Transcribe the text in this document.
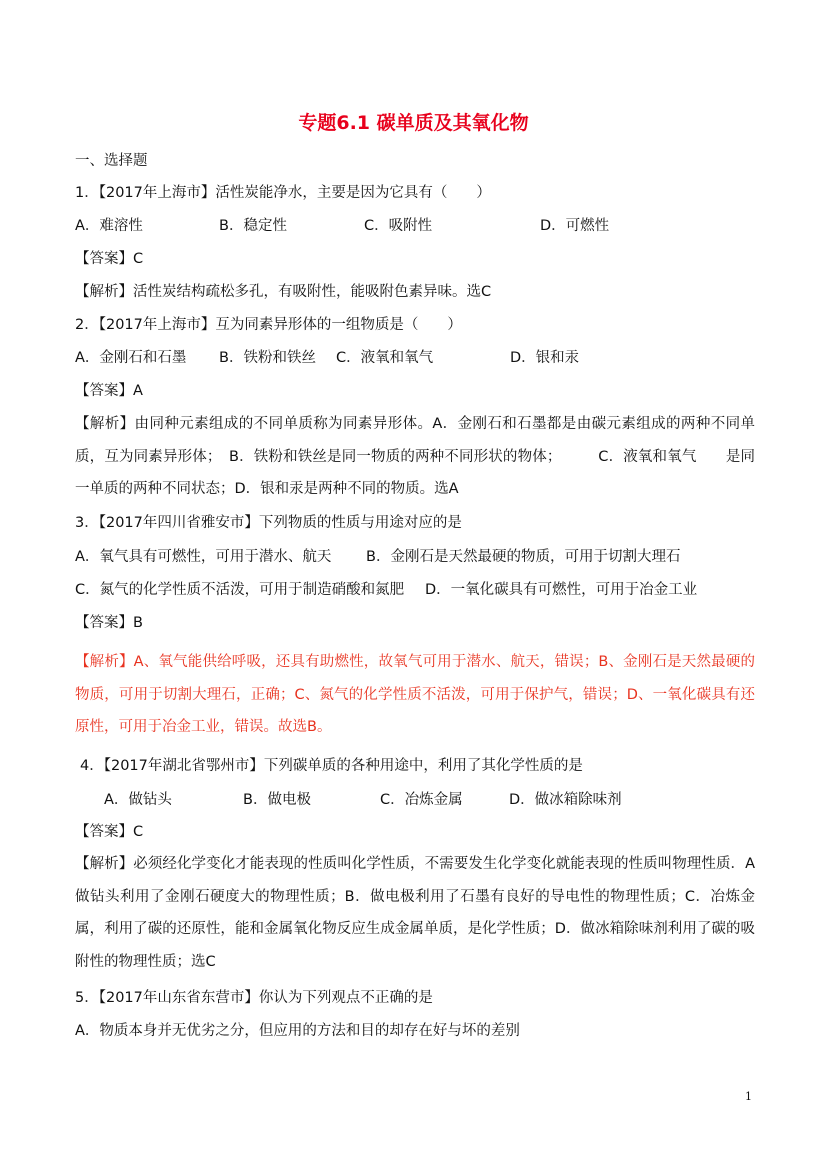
专题6.1 碳单质及其氧化物
一、选择题
1．【2017年上海市】活性炭能净水，主要是因为它具有（　　）
A．难溶性	B．稳定性	C．吸附性	D．可燃性
【答案】C
【解析】活性炭结构疏松多孔，有吸附性，能吸附色素异味。选C
2．【2017年上海市】互为同素异形体的一组物质是（　　）
A．金刚石和石墨 B．铁粉和铁丝 C．液氧和氧气	D．银和汞
【答案】A
【解析】由同种元素组成的不同单质称为同素异形体。A．金刚石和石墨都是由碳元素组成的两种不同单质，互为同素异形体；　B．铁粉和铁丝是同一物质的两种不同形状的物体；　　　C．液氧和氧气　　是同一单质的两种不同状态；D．银和汞是两种不同的物质。选A
3．【2017年四川省雅安市】下列物质的性质与用途对应的是
A．氧气具有可燃性，可用于潜水、航天 B．金刚石是天然最硬的物质，可用于切割大理石
C．氮气的化学性质不活泼，可用于制造硝酸和氮肥 D．一氧化碳具有可燃性，可用于冶金工业
【答案】B
【解析】A、氧气能供给呼吸，还具有助燃性，故氧气可用于潜水、航天，错误；B、金刚石是天然最硬的物质，可用于切割大理石，正确；C、氮气的化学性质不活泼，可用于保护气，错误；D、一氧化碳具有还原性，可用于冶金工业，错误。故选B。
4．【2017年湖北省鄂州市】下列碳单质的各种用途中，利用了其化学性质的是
A．做钻头	B．做电极	C．冶炼金属	D．做冰箱除味剂
【答案】C
【解析】必须经化学变化才能表现的性质叫化学性质，不需要发生化学变化就能表现的性质叫物理性质．A做钻头利用了金刚石硬度大的物理性质；B．做电极利用了石墨有良好的导电性的物理性质；C．冶炼金属，利用了碳的还原性，能和金属氧化物反应生成金属单质，是化学性质；D．做冰箱除味剂利用了碳的吸附性的物理性质；选C
5．【2017年山东省东营市】你认为下列观点不正确的是
A．物质本身并无优劣之分，但应用的方法和目的却存在好与坏的差别
1
